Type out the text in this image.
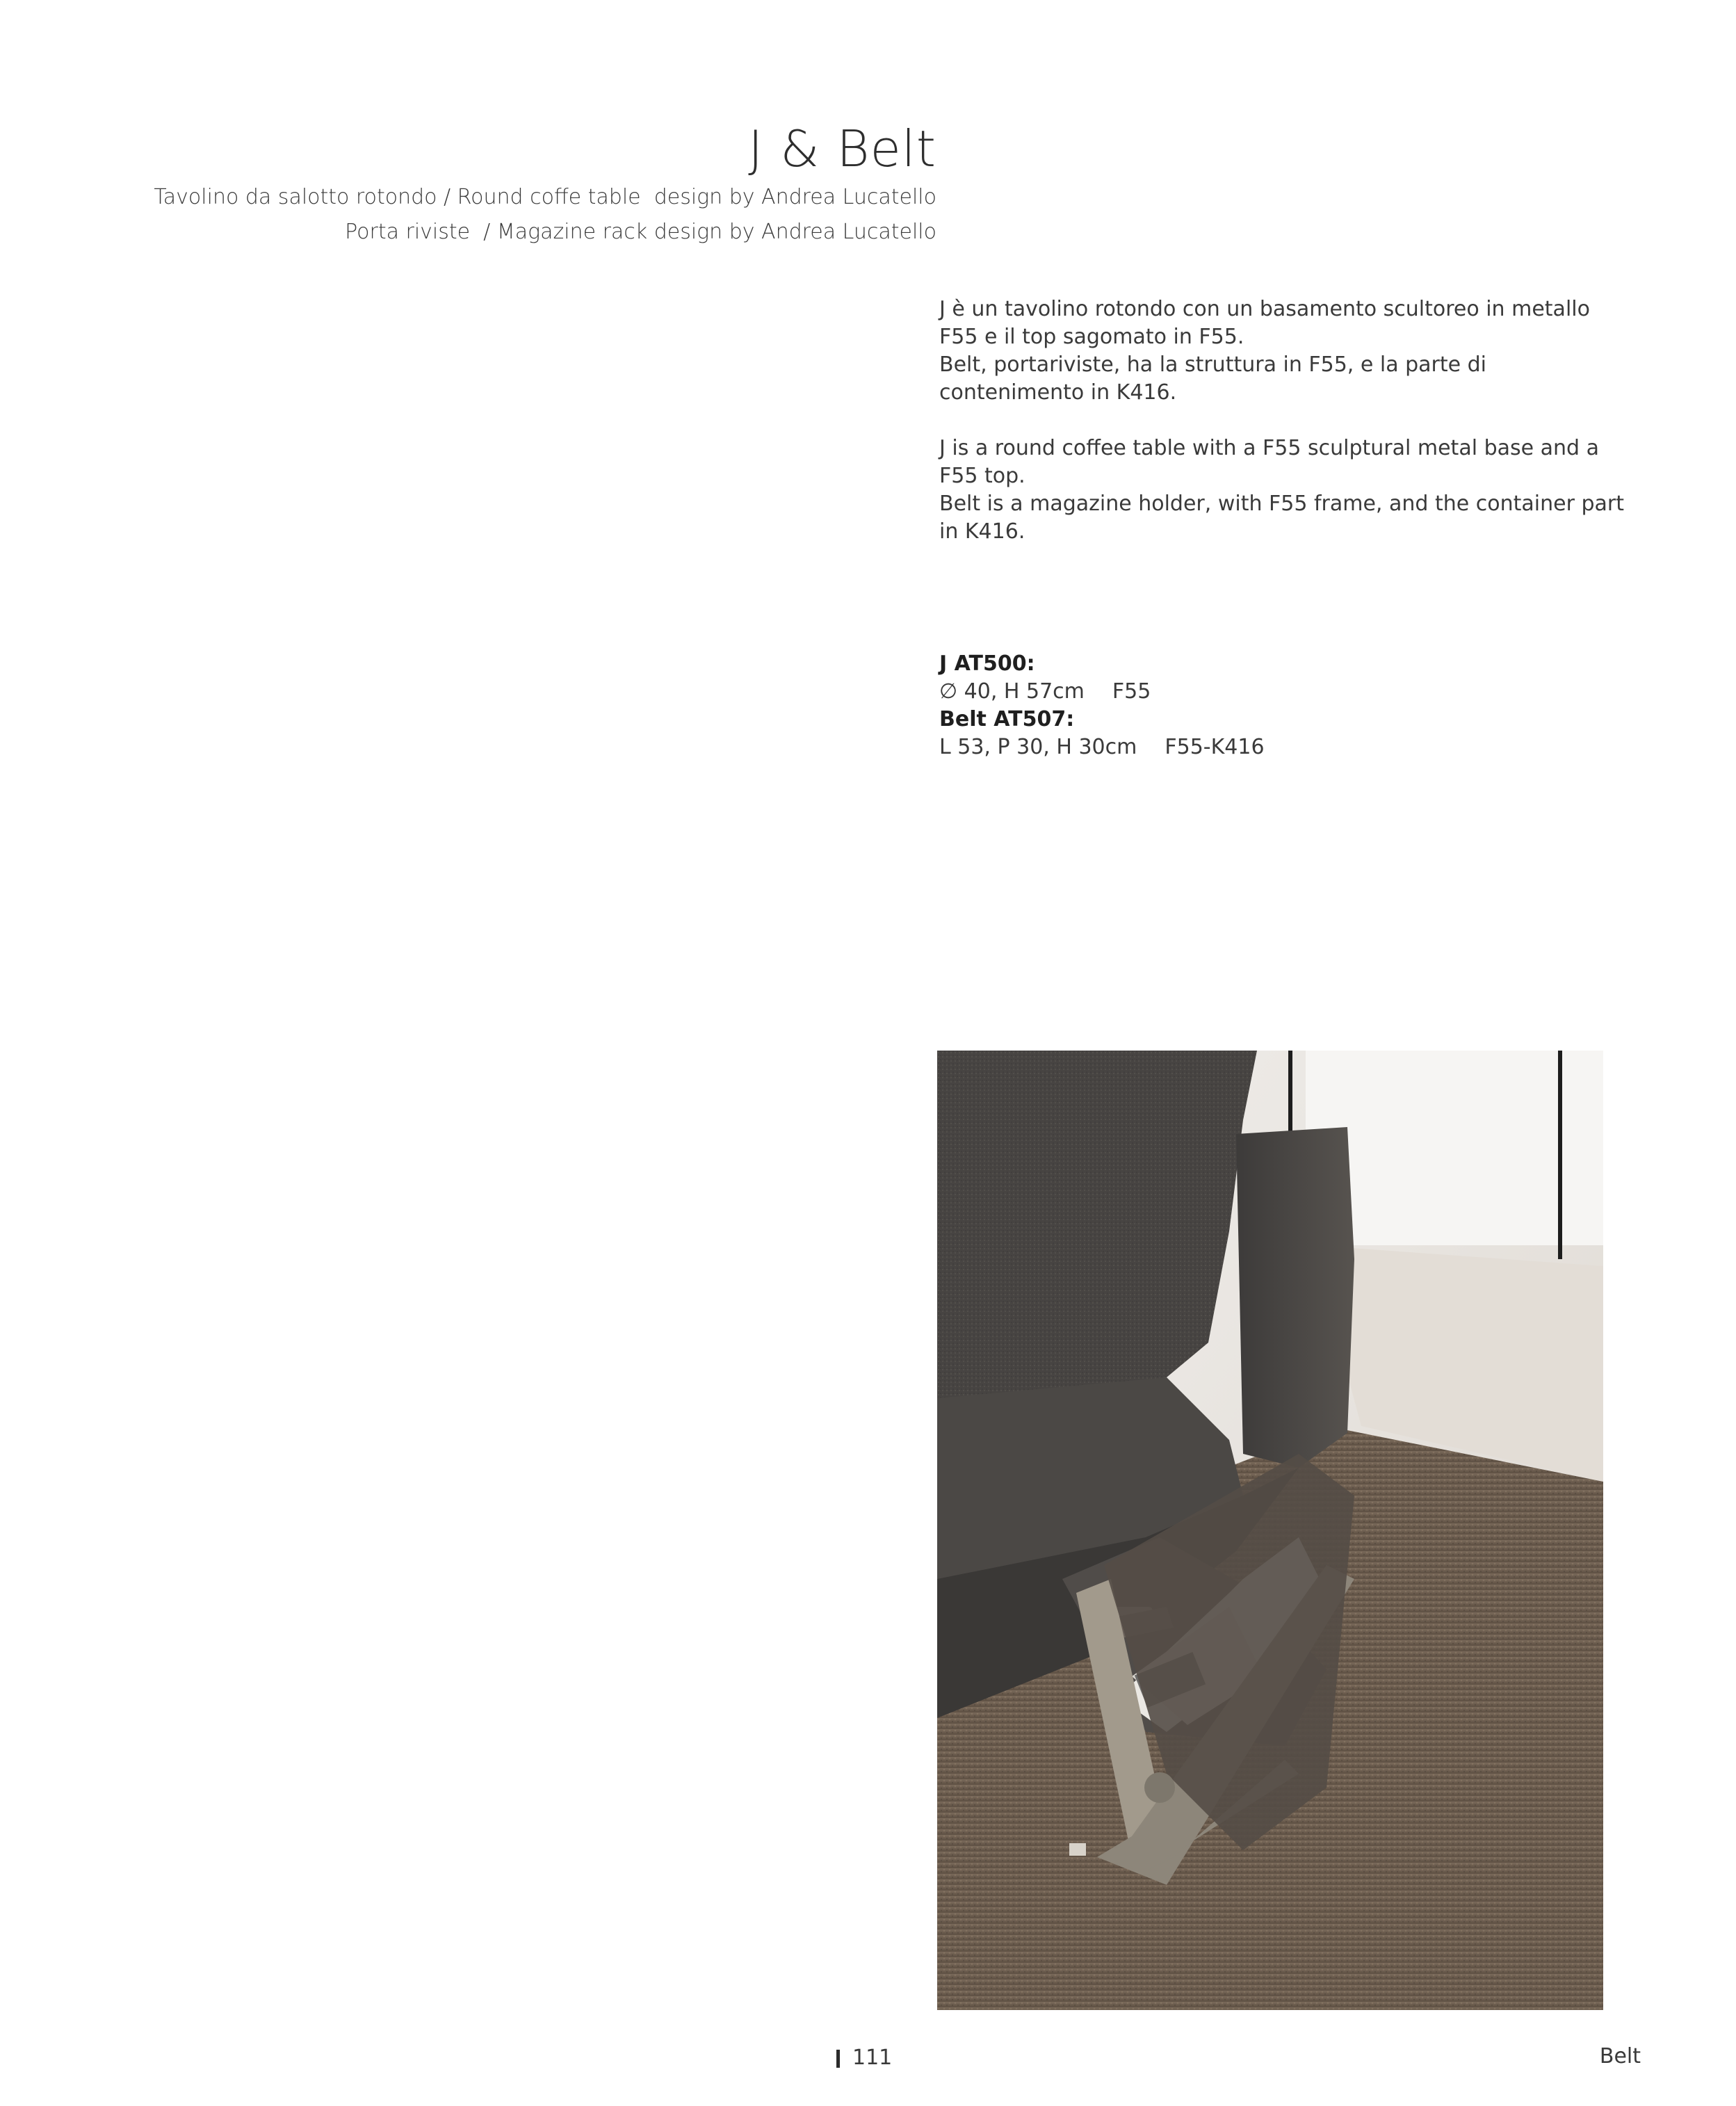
J & Belt
Tavolino da salotto rotondo / Round coffe table  design by Andrea Lucatello
Porta riviste  / Magazine rack design by Andrea Lucatello

J è un tavolino rotondo con un basamento scultoreo in metallo F55 e il top sagomato in F55.
Belt, portariviste, ha la struttura in F55, e la parte di contenimento in K416.

J is a round coffee table with a F55 sculptural metal base and a F55 top.
Belt is a magazine holder, with F55 frame, and the container part in K416.

J AT500:
∅ 40, H 57cm F55
Belt AT507:
L 53, P 30, H 30cm F55-K416
111	Belt
